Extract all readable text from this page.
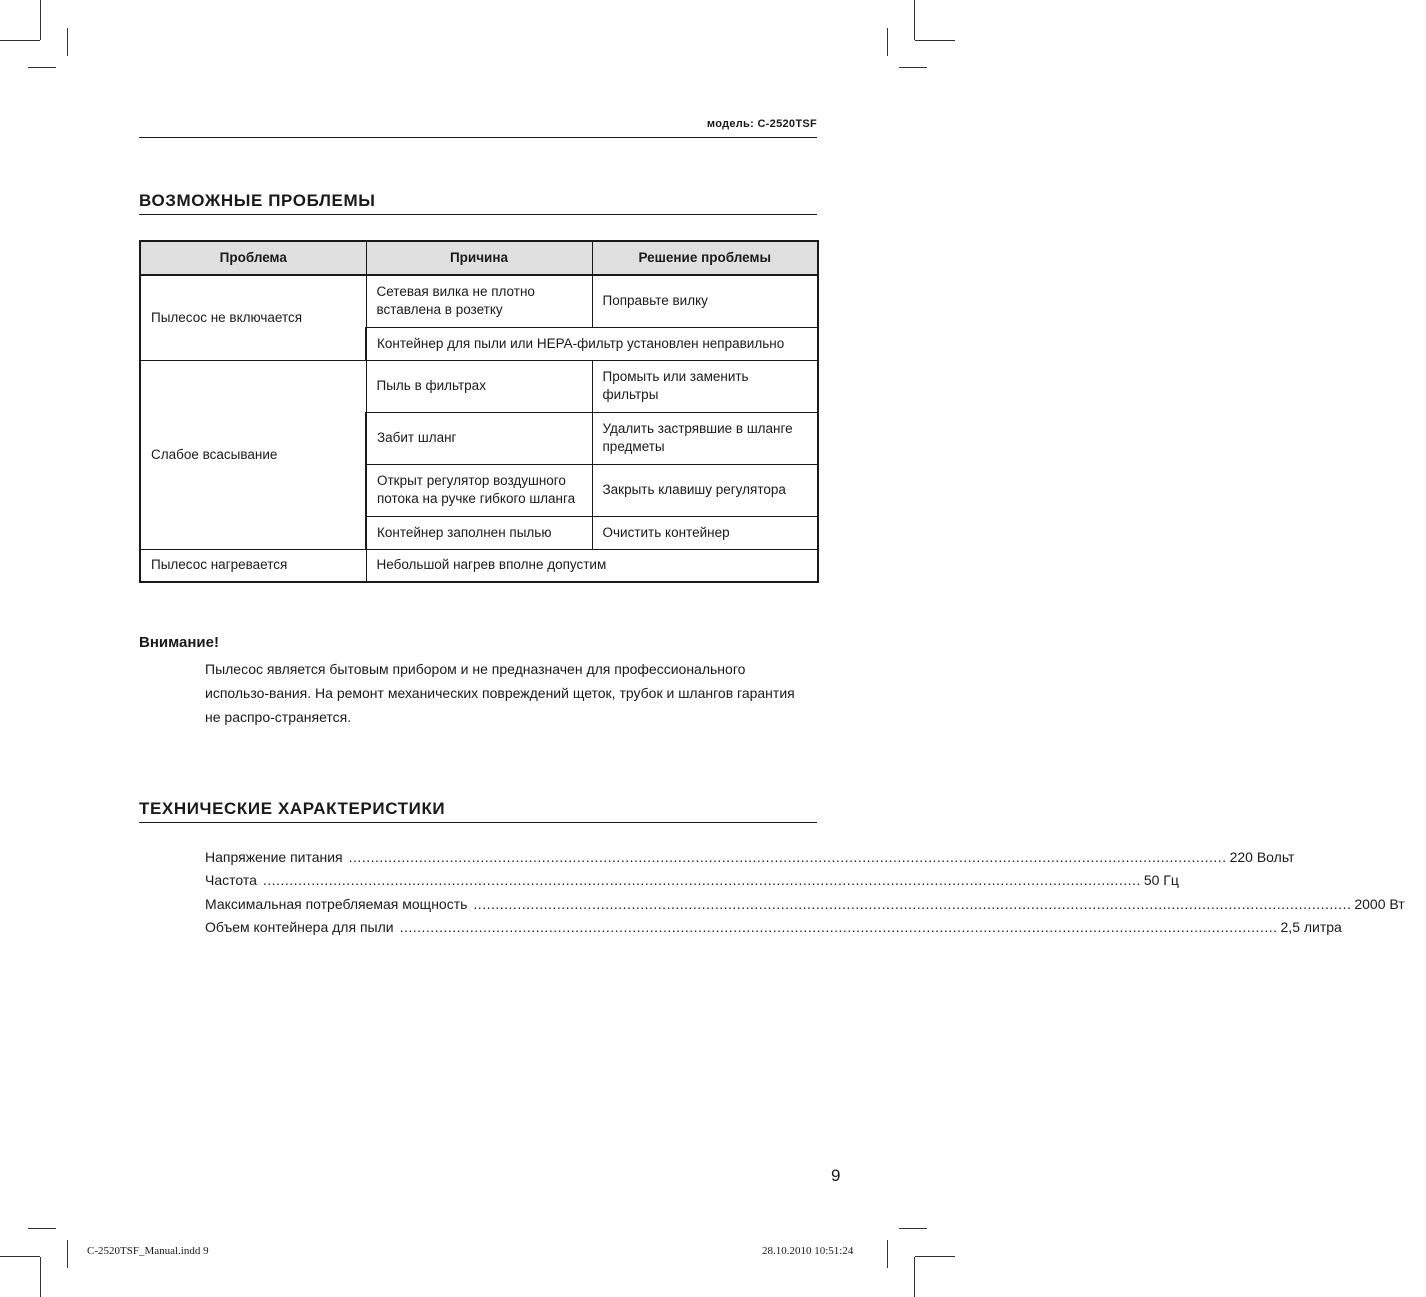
модель: C-2520TSF
ВОЗМОЖНЫЕ ПРОБЛЕМЫ
Проблема	Причина	Решение проблемы
Пылесос не включается	Сетевая вилка не плотно вставлена в розетку	Поправьте вилку
	Контейнер для пыли или HEPA-фильтр установлен неправильно	
Слабое всасывание	Пыль в фильтрах	Промыть или заменить фильтры
	Забит шланг	Удалить застрявшие в шланге предметы
	Открыт регулятор воздушного потока на ручке гибкого шланга	Закрыть клавишу регулятора
	Контейнер заполнен пылью	Очистить контейнер
Пылесос нагревается	Небольшой нагрев вполне допустим	
Внимание!

Пылесос является бытовым прибором и не предназначен для профессионального использо-вания. На ремонт механических повреждений щеток, трубок и шлангов гарантия не распро-страняется.

ТЕХНИЧЕСКИЕ ХАРАКТЕРИСТИКИ
Напряжение питания ........................................................................................................................................................................................................ 220 Вольт
Частота ........................................................................................................................................................................................................ 50 Гц
Максимальная потребляемая мощность ........................................................................................................................................................................................................ 2000 Вт
Объем контейнера для пыли ........................................................................................................................................................................................................ 2,5 литра
9
C-2520TSF_Manual.indd 9	28.10.2010 10:51:24
